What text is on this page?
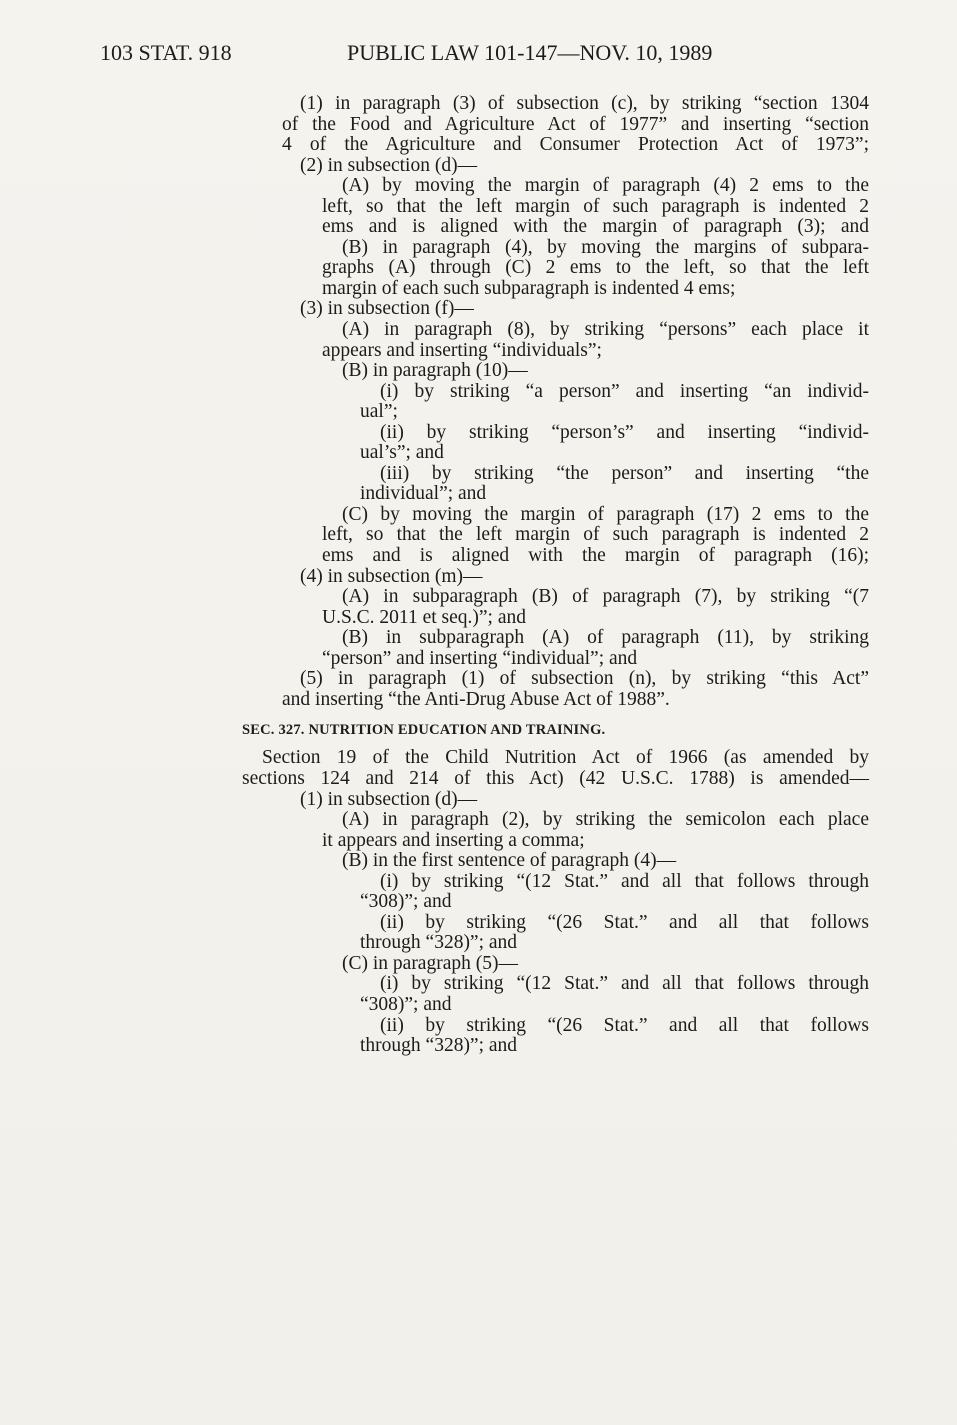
103 STAT. 918	PUBLIC LAW 101-147—NOV. 10, 1989
(1) in paragraph (3) of subsection (c), by striking “section 1304
of the Food and Agriculture Act of 1977” and inserting “section
4 of the Agriculture and Consumer Protection Act of 1973”;
(2) in subsection (d)—
(A) by moving the margin of paragraph (4) 2 ems to the
left, so that the left margin of such paragraph is indented 2
ems and is aligned with the margin of paragraph (3); and
(B) in paragraph (4), by moving the margins of subpara-
graphs (A) through (C) 2 ems to the left, so that the left
margin of each such subparagraph is indented 4 ems;
(3) in subsection (f)—
(A) in paragraph (8), by striking “persons” each place it
appears and inserting “individuals”;
(B) in paragraph (10)—
(i) by striking “a person” and inserting “an individ-
ual”;
(ii) by striking “person’s” and inserting “individ-
ual’s”; and
(iii) by striking “the person” and inserting “the
individual”; and
(C) by moving the margin of paragraph (17) 2 ems to the
left, so that the left margin of such paragraph is indented 2
ems and is aligned with the margin of paragraph (16);
(4) in subsection (m)—
(A) in subparagraph (B) of paragraph (7), by striking “(7
U.S.C. 2011 et seq.)”; and
(B) in subparagraph (A) of paragraph (11), by striking
“person” and inserting “individual”; and
(5) in paragraph (1) of subsection (n), by striking “this Act”
and inserting “the Anti-Drug Abuse Act of 1988”.
SEC. 327. NUTRITION EDUCATION AND TRAINING.
Section 19 of the Child Nutrition Act of 1966 (as amended by
sections 124 and 214 of this Act) (42 U.S.C. 1788) is amended—
(1) in subsection (d)—
(A) in paragraph (2), by striking the semicolon each place
it appears and inserting a comma;
(B) in the first sentence of paragraph (4)—
(i) by striking “(12 Stat.” and all that follows through
“308)”; and
(ii) by striking “(26 Stat.” and all that follows
through “328)”; and
(C) in paragraph (5)—
(i) by striking “(12 Stat.” and all that follows through
“308)”; and
(ii) by striking “(26 Stat.” and all that follows
through “328)”; and
